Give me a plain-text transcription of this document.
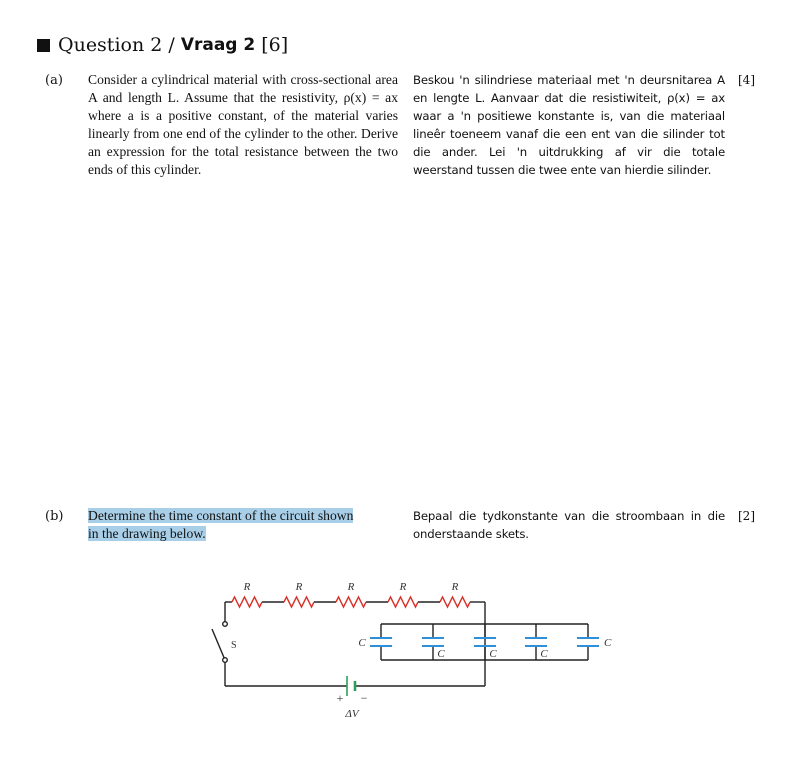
Question 2 / Vraag 2 [6]
(a) Consider a cylindrical material with cross-sectional area A and length L. Assume that the resistivity, ρ(x) = ax where a is a positive constant, of the material varies linearly from one end of the cylinder to the other. Derive an expression for the total resistance between the two ends of this cylinder.
Beskou 'n silindriese materiaal met 'n deursnitarea A en lengte L. Aanvaar dat die resistiwiteit, ρ(x) = ax waar a 'n positiewe konstante is, van die materiaal lineêr toeneem vanaf die een ent van die silinder tot die ander. Lei 'n uitdrukking af vir die totale weerstand tussen die twee ente van hierdie silinder.
[4]
(b) Determine the time constant of the circuit shown
in the drawing below.
Bepaal die tydkonstante van die stroombaan in die onderstaande skets.
[2]
R	R	R	R	R
C
C	C	C
C
S
+ −
ΔV
